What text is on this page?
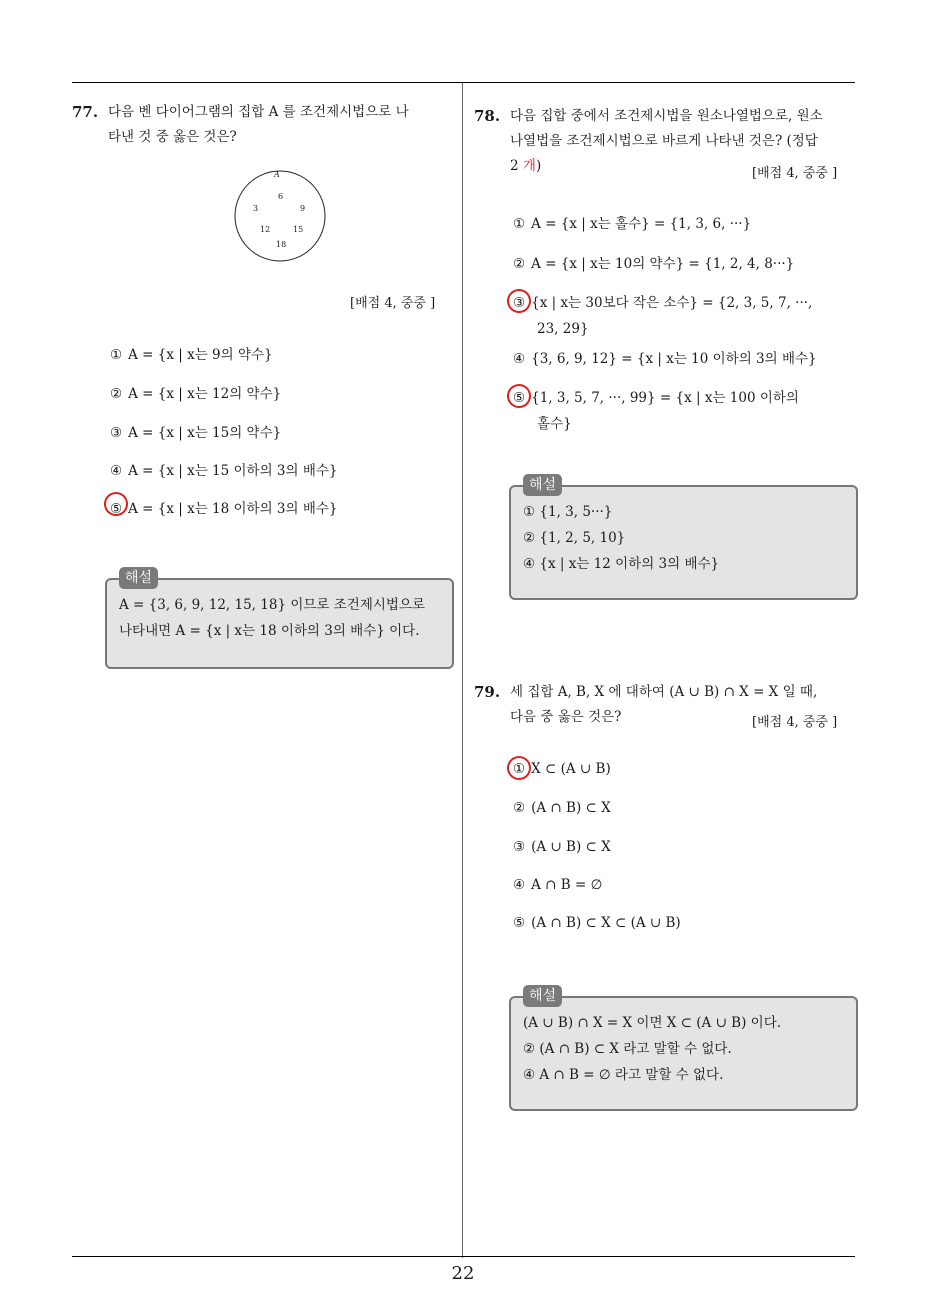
77. 다음 벤 다이어그램의 집합 A 를 조건제시법으로 나
타낸 것 중 옳은 것은?
A
6
3	9
12	15
18
[배점 4, 중중 ]
① A = {x | x는 9의 약수}
② A = {x | x는 12의 약수}
③ A = {x | x는 15의 약수}
④ A = {x | x는 15 이하의 3의 배수}
⑤ A = {x | x는 18 이하의 3의 배수}
해설
A = {3, 6, 9, 12, 15, 18} 이므로 조건제시법으로
나타내면 A = {x | x는 18 이하의 3의 배수} 이다.
78. 다음 집합 중에서 조건제시법을 원소나열법으로, 원소
나열법을 조건제시법으로 바르게 나타낸 것은? (정답
2 개)	[배점 4, 중중 ]
① A = {x | x는 홀수} = {1, 3, 6, ···}
② A = {x | x는 10의 약수} = {1, 2, 4, 8···}
③ {x | x는 30보다 작은 소수} = {2, 3, 5, 7, ···,
23, 29}
④ {3, 6, 9, 12} = {x | x는 10 이하의 3의 배수}
⑤ {1, 3, 5, 7, ···, 99} = {x | x는 100 이하의
홀수}
해설
① {1, 3, 5···}
② {1, 2, 5, 10}
④ {x | x는 12 이하의 3의 배수}
79. 세 집합 A, B, X 에 대하여 (A ∪ B) ∩ X = X 일 때,
다음 중 옳은 것은?	[배점 4, 중중 ]
① X ⊂ (A ∪ B)
② (A ∩ B) ⊂ X
③ (A ∪ B) ⊂ X
④ A ∩ B = ∅
⑤ (A ∩ B) ⊂ X ⊂ (A ∪ B)
해설
(A ∪ B) ∩ X = X 이면 X ⊂ (A ∪ B) 이다.
② (A ∩ B) ⊂ X 라고 말할 수 없다.
④ A ∩ B = ∅ 라고 말할 수 없다.
22
